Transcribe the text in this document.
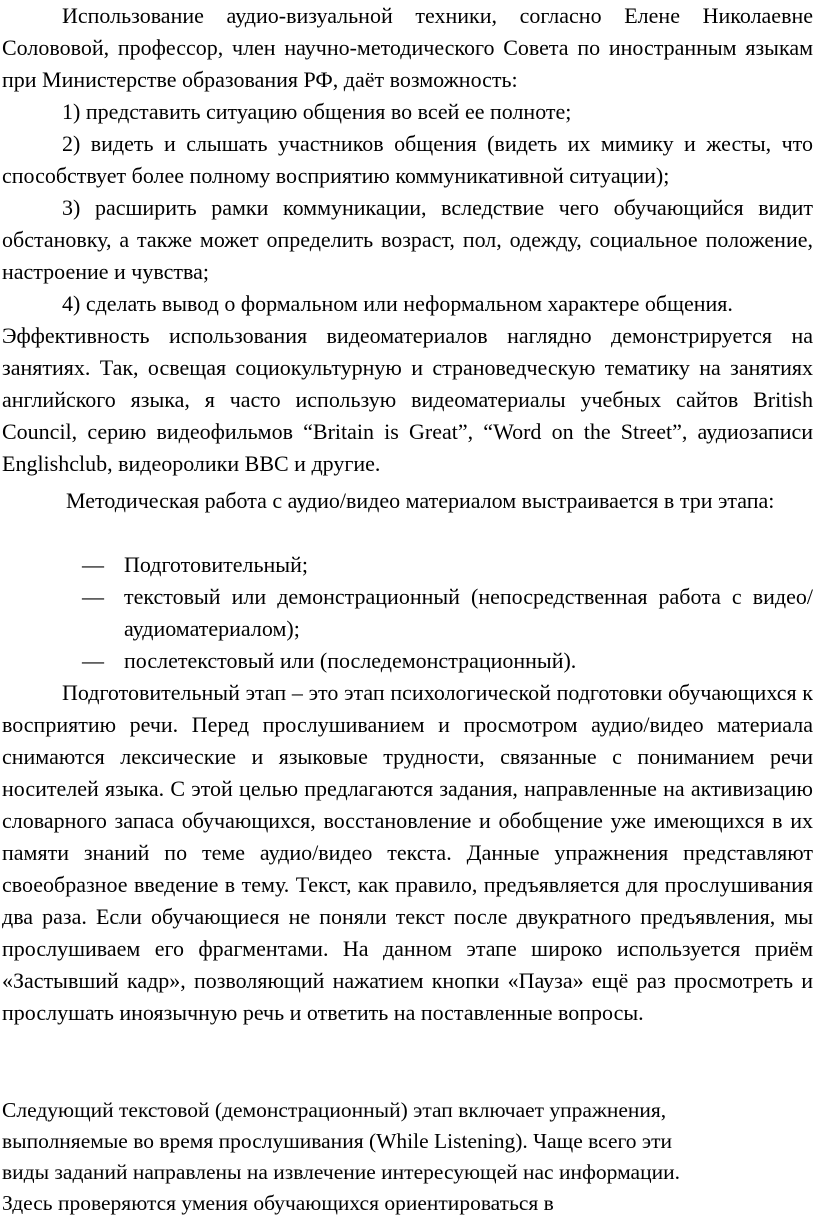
Использование аудио-визуальной техники, согласно Елене Николаевне Солововой, профессор, член научно-методического Совета по иностранным языкам при Министерстве образования РФ, даёт возможность:

1) представить ситуацию общения во всей ее полноте;

2) видеть и слышать участников общения (видеть их мимику и жесты, что способствует более полному восприятию коммуникативной ситуации);

3) расширить рамки коммуникации, вследствие чего обучающийся видит обстановку, а также может определить возраст, пол, одежду, социальное положение, настроение и чувства;

4) сделать вывод о формальном или неформальном характере общения.

Эффективность использования видеоматериалов наглядно демонстрируется на занятиях. Так, освещая социокультурную и страноведческую тематику на занятиях английского языка, я часто использую видеоматериалы учебных сайтов British Council, серию видеофильмов “Britain is Great”, “Word on the Street”, аудиозаписи Englishclub, видеоролики BBC и другие.

Методическая работа с аудио/видео материалом выстраивается в три этапа:

— Подготовительный;
— текстовый или демонстрационный (непосредственная работа с видео/аудиоматериалом);
— послетекстовый или (последемонстрационный).

Подготовительный этап – это этап психологической подготовки обучающихся к восприятию речи. Перед прослушиванием и просмотром аудио/видео материала снимаются лексические и языковые трудности, связанные с пониманием речи носителей языка. С этой целью предлагаются задания, направленные на активизацию словарного запаса обучающихся, восстановление и обобщение уже имеющихся в их памяти знаний по теме аудио/видео текста. Данные упражнения представляют своеобразное введение в тему. Текст, как правило, предъявляется для прослушивания два раза. Если обучающиеся не поняли текст после двукратного предъявления, мы прослушиваем его фрагментами. На данном этапе широко используется приём «Застывший кадр», позволяющий нажатием кнопки «Пауза» ещё раз просмотреть и прослушать иноязычную речь и ответить на поставленные вопросы.

Следующий текстовой (демонстрационный) этап включает упражнения,

выполняемые во время прослушивания (While Listening). Чаще всего эти

виды заданий направлены на извлечение интересующей нас информации.

Здесь проверяются умения обучающихся ориентироваться в
